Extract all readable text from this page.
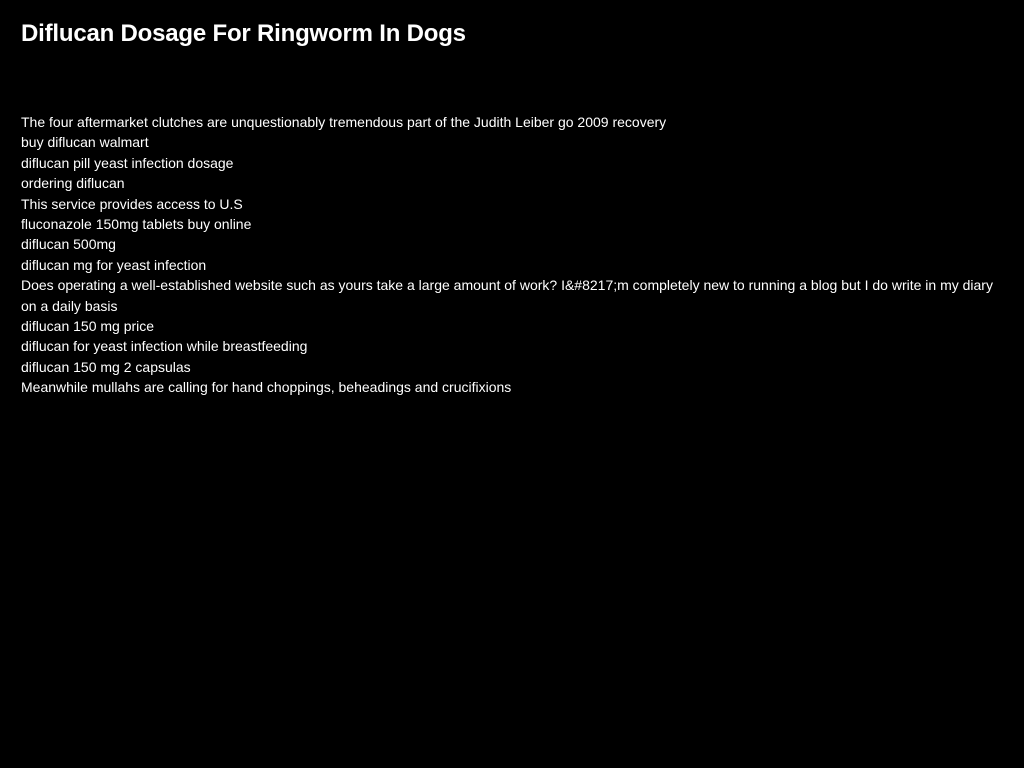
Diflucan Dosage For Ringworm In Dogs
The four aftermarket clutches are unquestionably tremendous part of the Judith Leiber go 2009 recovery
buy diflucan walmart
diflucan pill yeast infection dosage
ordering diflucan
This service provides access to U.S
fluconazole 150mg tablets buy online
diflucan 500mg
diflucan mg for yeast infection
Does operating a well-established website such as yours take a large amount of work? I&#8217;m completely new to running a blog but I do write in my diary on a daily basis
diflucan 150 mg price
diflucan for yeast infection while breastfeeding
diflucan 150 mg 2 capsulas
Meanwhile mullahs are calling for hand choppings, beheadings and crucifixions
